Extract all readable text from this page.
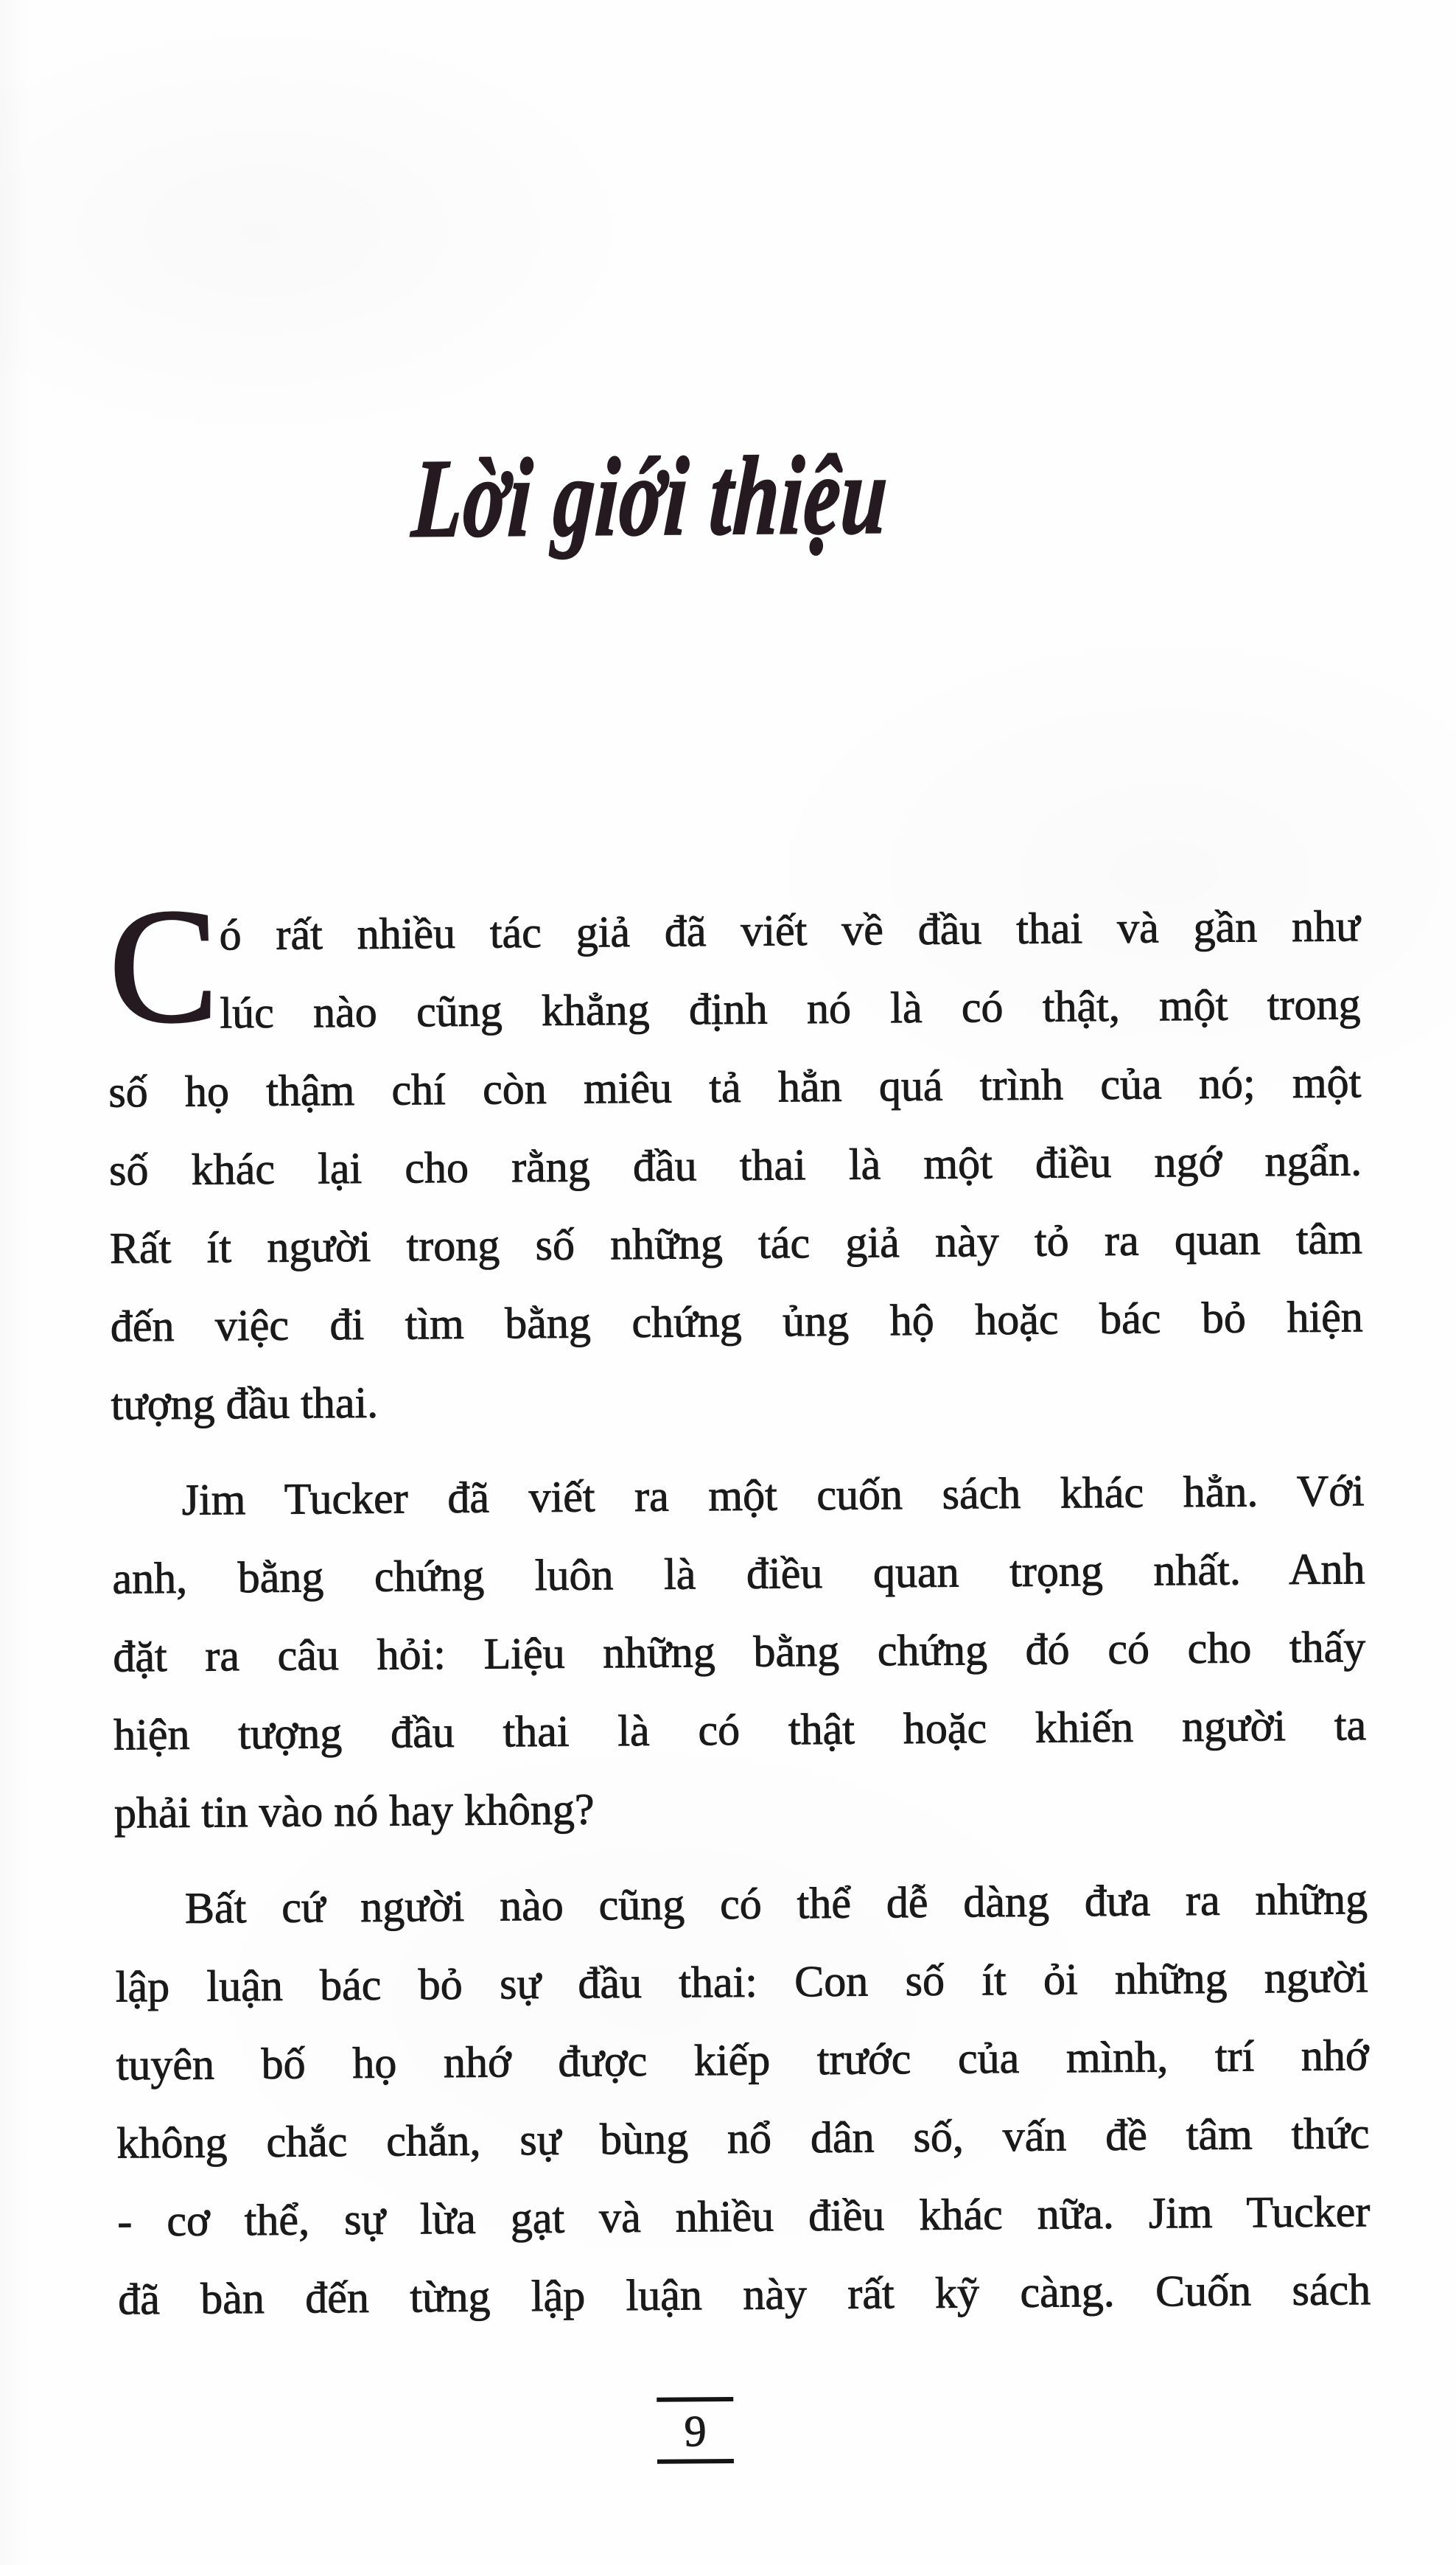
Lời giới thiệu
C ó rất nhiều tác giả đã viết về đầu thai và gần như
lúc nào cũng khẳng định nó là có thật, một trong
số họ thậm chí còn miêu tả hẳn quá trình của nó; một
số khác lại cho rằng đầu thai là một điều ngớ ngẩn.
Rất ít người trong số những tác giả này tỏ ra quan tâm
đến việc đi tìm bằng chứng ủng hộ hoặc bác bỏ hiện
tượng đầu thai.
Jim Tucker đã viết ra một cuốn sách khác hẳn. Với
anh, bằng chứng luôn là điều quan trọng nhất. Anh
đặt ra câu hỏi: Liệu những bằng chứng đó có cho thấy
hiện tượng đầu thai là có thật hoặc khiến người ta
phải tin vào nó hay không?
Bất cứ người nào cũng có thể dễ dàng đưa ra những
lập luận bác bỏ sự đầu thai: Con số ít ỏi những người
tuyên bố họ nhớ được kiếp trước của mình, trí nhớ
không chắc chắn, sự bùng nổ dân số, vấn đề tâm thức
- cơ thể, sự lừa gạt và nhiều điều khác nữa. Jim Tucker
đã bàn đến từng lập luận này rất kỹ càng. Cuốn sách
9
